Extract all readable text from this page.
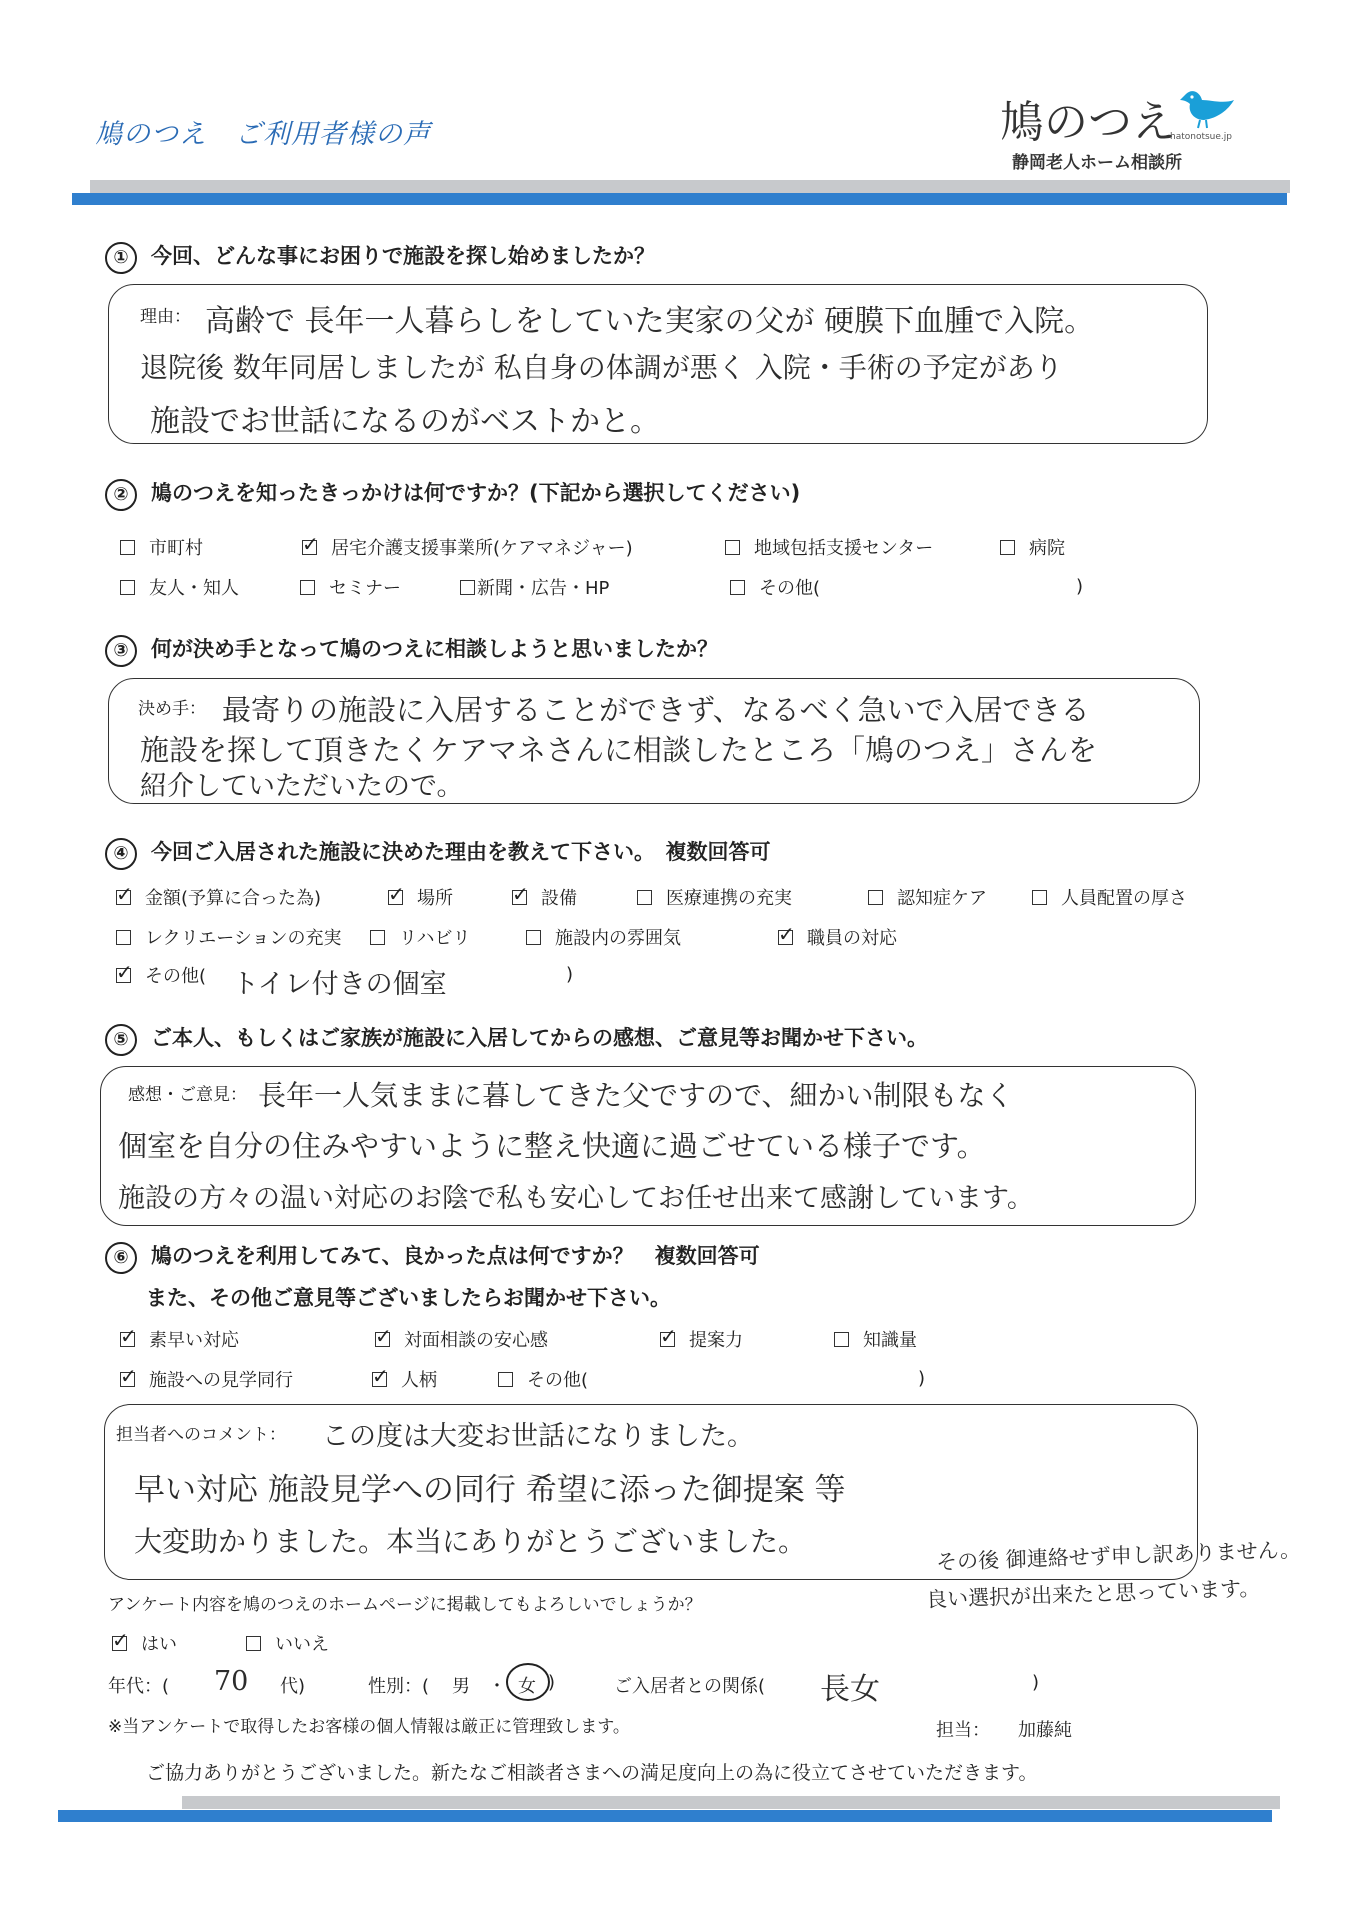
鳩のつえ　ご利用者様の声	鳩のつえ
hatonotsue.jp
静岡老人ホーム相談所
① 今回、どんな事にお困りで施設を探し始めましたか？
理由： 高齢で 長年一人暮らしをしていた実家の父が 硬膜下血腫で入院。
退院後 数年同居しましたが 私自身の体調が悪く 入院・手術の予定があり
施設でお世話になるのがベストかと。
② 鳩のつえを知ったきっかけは何ですか？(下記から選択してください)
市町村 ✓	居宅介護支援事業所(ケアマネジャー)	地域包括支援センター	病院
友人・知人	セミナー	新聞・広告・HP	その他(	)
③ 何が決め手となって鳩のつえに相談しようと思いましたか？
決め手： 最寄りの施設に入居することができず、なるべく急いで入居できる
施設を探して頂きたくケアマネさんに相談したところ「鳩のつえ」さんを
紹介していただいたので。
④ 今回ご入居された施設に決めた理由を教えて下さい。　複数回答可
✓金額(予算に合った為) ✓	場所 ✓	設備	医療連携の充実	認知症ケア	人員配置の厚さ
レクリエーションの充実	リハビリ	施設内の雰囲気 ✓	職員の対応
✓その他( トイレ付きの個室	)
⑤ ご本人、もしくはご家族が施設に入居してからの感想、ご意見等お聞かせ下さい。
感想・ご意見： 長年一人気ままに暮してきた父ですので、細かい制限もなく
個室を自分の住みやすいように整え快適に過ごせている様子です。
施設の方々の温い対応のお陰で私も安心してお任せ出来て感謝しています。
⑥ 鳩のつえを利用してみて、良かった点は何ですか？　複数回答可
また、その他ご意見等ございましたらお聞かせ下さい。
✓素早い対応 ✓	対面相談の安心感 ✓	提案力	知識量
✓施設への見学同行 ✓	人柄	その他(	)
担当者へのコメント： この度は大変お世話になりました。
早い対応 施設見学への同行 希望に添った御提案 等
大変助かりました。本当にありがとうございました。	その後 御連絡せず申し訳ありません。
良い選択が出来たと思っています。
アンケート内容を鳩のつえのホームページに掲載してもよろしいでしょうか？
✓はい	いいえ
年代：( 70 代)	性別：( 男 ・ 女 )	ご入居者との関係( 長女	)
※当アンケートで取得したお客様の個人情報は厳正に管理致します。	担当： 加藤純
ご協力ありがとうございました。新たなご相談者さまへの満足度向上の為に役立てさせていただきます。
